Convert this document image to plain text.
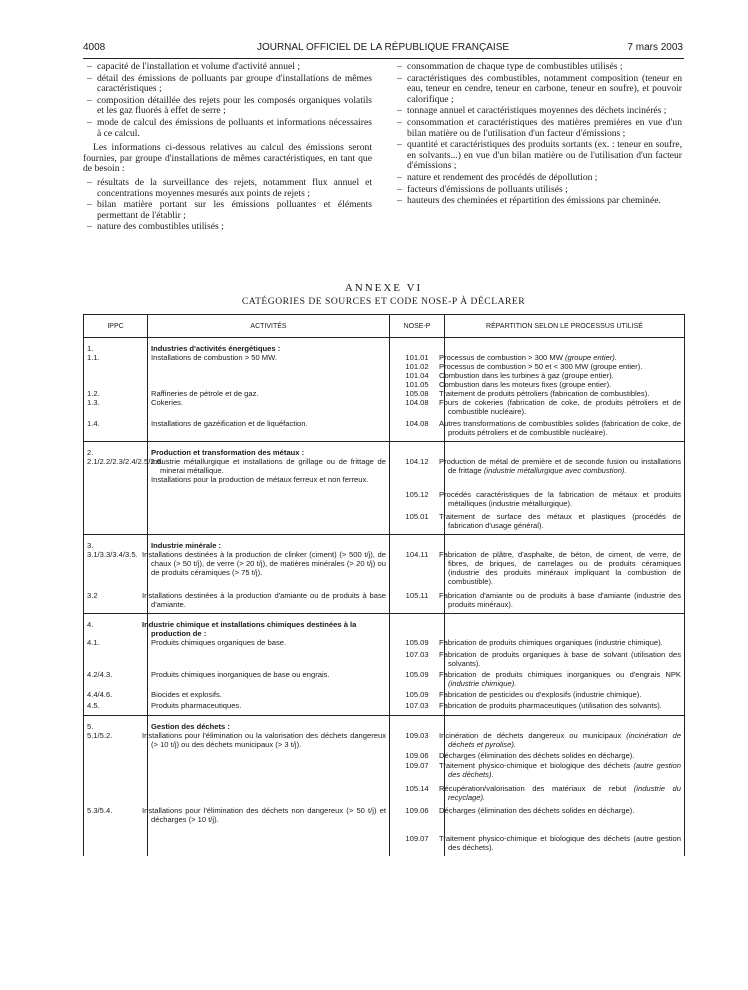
4008	JOURNAL OFFICIEL DE LA RÉPUBLIQUE FRANÇAISE	7 mars 2003
– capacité de l'installation et volume d'activité annuel ;
– détail des émissions de polluants par groupe d'installations de mêmes caractéristiques ;
– composition détaillée des rejets pour les composés organiques volatils et les gaz fluorés à effet de serre ;
– mode de calcul des émissions de polluants et informations nécessaires à ce calcul.
Les informations ci-dessous relatives au calcul des émissions seront fournies, par groupe d'installations de mêmes caractéristiques, en tant que de besoin :
– résultats de la surveillance des rejets, notamment flux annuel et concentrations moyennes mesurés aux points de rejets ;
– bilan matière portant sur les émissions polluantes et éléments permettant de l'établir ;
– nature des combustibles utilisés ;
– consommation de chaque type de combustibles utilisés ;
– caractéristiques des combustibles, notamment composition (teneur en eau, teneur en cendre, teneur en carbone, teneur en soufre), et pouvoir calorifique ;
– tonnage annuel et caractéristiques moyennes des déchets incinérés ;
– consommation et caractéristiques des matières premières en vue d'un bilan matière ou de l'utilisation d'un facteur d'émissions ;
– quantité et caractéristiques des produits sortants (ex. : teneur en soufre, en solvants...) en vue d'un bilan matière ou de l'utilisation d'un facteur d'émissions ;
– nature et rendement des procédés de dépollution ;
– facteurs d'émissions de polluants utilisés ;
– hauteurs des cheminées et répartition des émissions par cheminée.
ANNEXE VI
CATÉGORIES DE SOURCES ET CODE NOSE-P À DÉCLARER
IPPC	ACTIVITÉS	NOSE-P	RÉPARTITION SELON LE PROCESSUS UTILISÉ
1.	Industries d'activités énergétiques :		
1.1.	Installations de combustion > 50 MW.	101.01	Processus de combustion > 300 MW (groupe entier).
		101.02	Processus de combustion > 50 et < 300 MW (groupe entier).
		101.04	Combustion dans les turbines à gaz (groupe entier).
		101.05	Combustion dans les moteurs fixes (groupe entier).
1.2.	Raffineries de pétrole et de gaz.	105.08	Traitement de produits pétroliers (fabrication de combustibles).
1.3.	Cokeries.	104.08	Fours de cokeries (fabrication de coke, de produits pétroliers et de combustible nucléaire).
1.4.	Installations de gazéification et de liquéfaction.	104.08	Autres transformations de combustibles solides (fabrication de coke, de produits pétroliers et de combustible nucléaire).
2.	Production et transformation des métaux :		
2.1/2.2/2.3/2.4/2.5/2.6.	Industrie métallurgique et installations de grillage ou de frittage de minerai métallique.
Installations pour la production de métaux ferreux et non ferreux.	104.12	Production de métal de première et de seconde fusion ou installations de frittage (industrie métallurgique avec combustion).
		105.12	Procédés caractéristiques de la fabrication de métaux et produits métalliques (industrie métallurgique).
		105.01	Traitement de surface des métaux et plastiques (procédés de fabrication d'usage général).
3.	Industrie minérale :		
3.1/3.3/3.4/3.5.	Installations destinées à la production de clinker (ciment) (> 500 t/j), de chaux (> 50 t/j), de verre (> 20 t/j), de matières minérales (> 20 t/j) ou de produits céramiques (> 75 t/j).	104.11	Fabrication de plâtre, d'asphalte, de béton, de ciment, de verre, de fibres, de briques, de carrelages ou de produits céramiques (industrie des produits minéraux impliquant la combustion de combustible).
3.2	Installations destinées à la production d'amiante ou de produits à base d'amiante.	105.11	Fabrication d'amiante ou de produits à base d'amiante (industrie des produits minéraux).
4.	Industrie chimique et installations chimiques destinées à la production de :		
4.1.	Produits chimiques organiques de base.	105.09	Fabrication de produits chimiques organiques (industrie chimique).
		107.03	Fabrication de produits organiques à base de solvant (utilisation des solvants).
4.2/4.3.	Produits chimiques inorganiques de base ou engrais.	105.09	Fabrication de produits chimiques inorganiques ou d'engrais NPK (industrie chimique).
4.4/4.6.	Biocides et explosifs.	105.09	Fabrication de pesticides ou d'explosifs (industrie chimique).
4.5.	Produits pharmaceutiques.	107.03	Fabrication de produits pharmaceutiques (utilisation des solvants).
5.	Gestion des déchets :		
5.1/5.2.	Installations pour l'élimination ou la valorisation des déchets dangereux (> 10 t/j) ou des déchets municipaux (> 3 t/j).	109.03	Incinération de déchets dangereux ou municipaux (incinération de déchets et pyrolise).
		109.06	Décharges (élimination des déchets solides en décharge).
		109.07	Traitement physico-chimique et biologique des déchets (autre gestion des déchets).
		105.14	Récupération/valorisation des matériaux de rebut (industrie du recyclage).
5.3/5.4.	Installations pour l'élimination des déchets non dangereux (> 50 t/j) et décharges (> 10 t/j).	109.06	Décharges (élimination des déchets solides en décharge).
		109.07	Traitement physico-chimique et biologique des déchets (autre gestion des déchets).
